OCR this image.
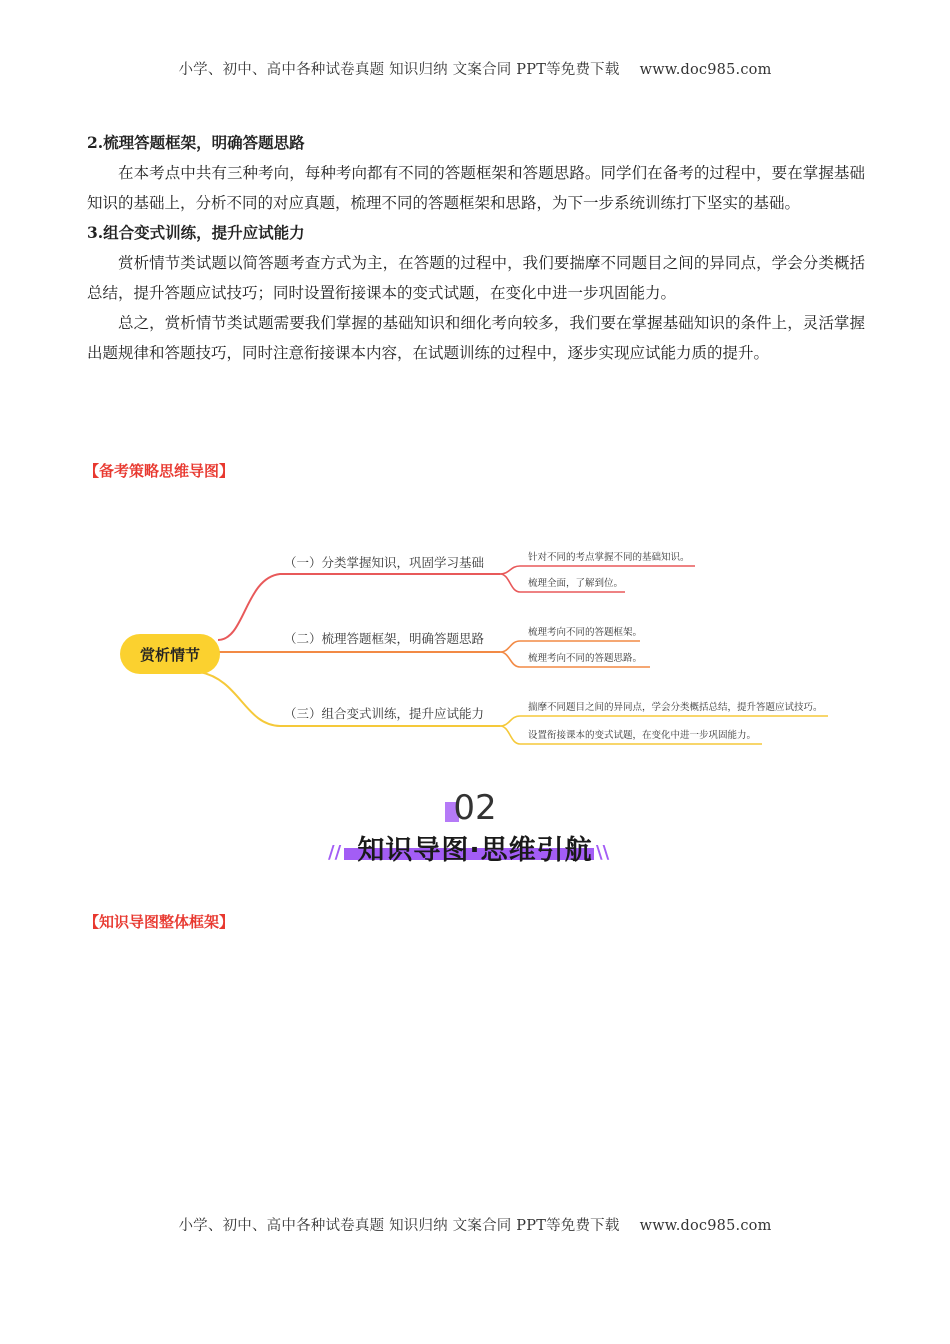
小学、初中、高中各种试卷真题 知识归纳 文案合同 PPT等免费下载 www.doc985.com

2.梳理答题框架，明确答题思路

在本考点中共有三种考向，每种考向都有不同的答题框架和答题思路。同学们在备考的过程中，要在掌握基础知识的基础上，分析不同的对应真题，梳理不同的答题框架和思路，为下一步系统训练打下坚实的基础。

3.组合变式训练，提升应试能力

赏析情节类试题以简答题考查方式为主，在答题的过程中，我们要揣摩不同题目之间的异同点，学会分类概括总结，提升答题应试技巧；同时设置衔接课本的变式试题，在变化中进一步巩固能力。

总之，赏析情节类试题需要我们掌握的基础知识和细化考向较多，我们要在掌握基础知识的条件上，灵活掌握出题规律和答题技巧，同时注意衔接课本内容，在试题训练的过程中，逐步实现应试能力质的提升。

【备考策略思维导图】
赏析情节
（一）分类掌握知识，巩固学习基础
（二）梳理答题框架，明确答题思路
（三）组合变式训练，提升应试能力
针对不同的考点掌握不同的基础知识。
梳理全面，了解到位。
梳理考向不同的答题框架。
梳理考向不同的答题思路。
揣摩不同题目之间的异同点，学会分类概括总结，提升答题应试技巧。
设置衔接课本的变式试题，在变化中进一步巩固能力。
02
//	\\
知识导图·思维引航
【知识导图整体框架】
小学、初中、高中各种试卷真题 知识归纳 文案合同 PPT等免费下载 www.doc985.com
